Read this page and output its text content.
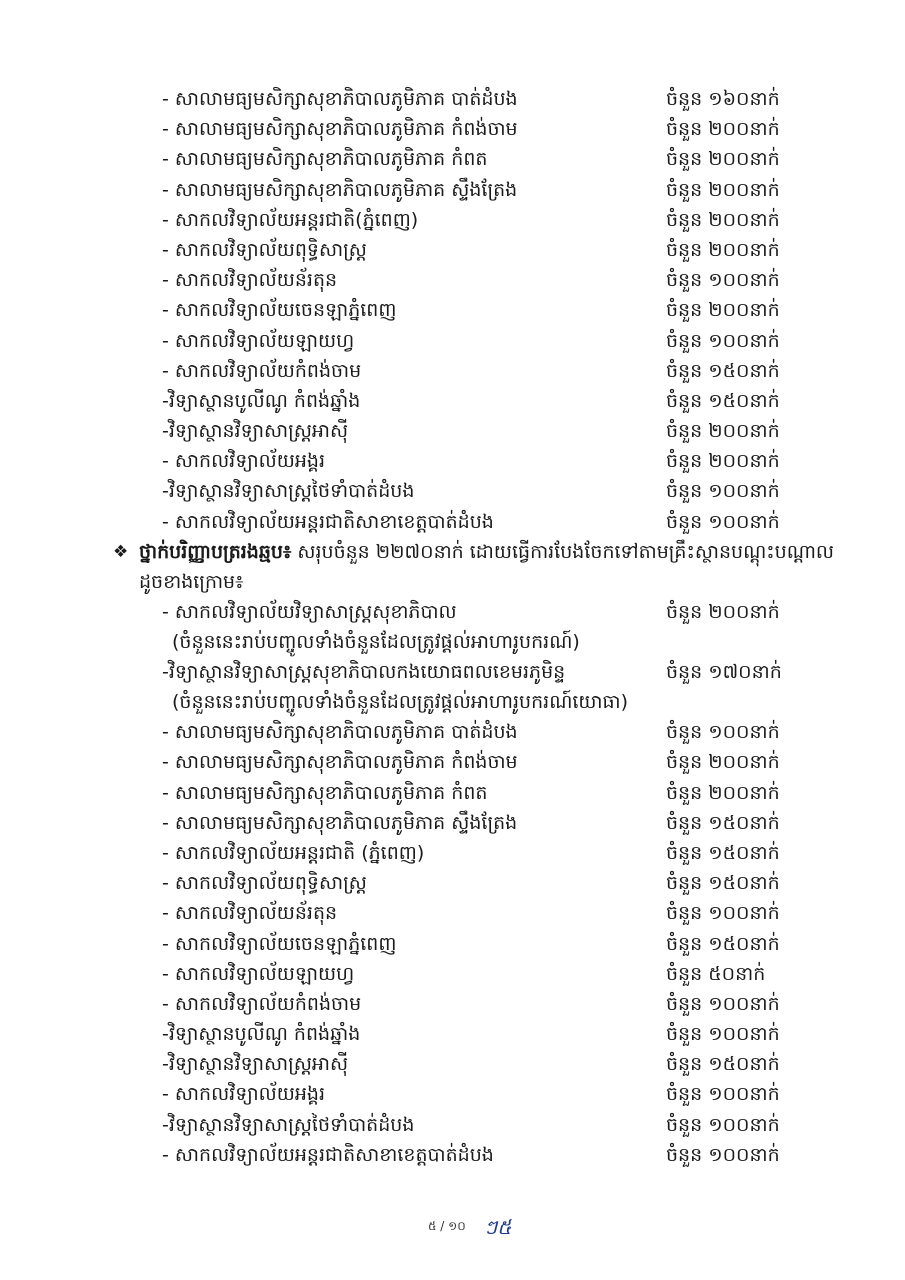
- សាលាមធ្យមសិក្សាសុខាភិបាលភូមិភាគ បាត់ដំបង	ចំនួន ១៦០នាក់
- សាលាមធ្យមសិក្សាសុខាភិបាលភូមិភាគ កំពង់ចាម	ចំនួន ២០០នាក់
- សាលាមធ្យមសិក្សាសុខាភិបាលភូមិភាគ កំពត	ចំនួន ២០០នាក់
- សាលាមធ្យមសិក្សាសុខាភិបាលភូមិភាគ ស្ទឹងត្រែង	ចំនួន ២០០នាក់
- សាកលវិទ្យាល័យអន្តរជាតិ(ភ្នំពេញ)	ចំនួន ២០០នាក់
- សាកលវិទ្យាល័យពុទ្ធិសាស្ត្រ	ចំនួន ២០០នាក់
- សាកលវិទ្យាល័យន័រតុន	ចំនួន ១០០នាក់
- សាកលវិទ្យាល័យចេនឡាភ្នំពេញ	ចំនួន ២០០នាក់
- សាកលវិទ្យាល័យឡាយហ្វ	ចំនួន ១០០នាក់
- សាកលវិទ្យាល័យកំពង់ចាម	ចំនួន ១៥០នាក់
-វិទ្យាស្ថានបូលីណូ កំពង់ឆ្នាំង	ចំនួន ១៥០នាក់
-វិទ្យាស្ថានវិទ្យាសាស្ត្រអាស៊ី	ចំនួន ២០០នាក់
- សាកលវិទ្យាល័យអង្គរ	ចំនួន ២០០នាក់
-វិទ្យាស្ថានវិទ្យាសាស្ត្រថៃទាំបាត់ដំបង	ចំនួន ១០០នាក់
- សាកលវិទ្យាល័យអន្តរជាតិសាខាខេត្តបាត់ដំបង	ចំនួន ១០០នាក់
❖ ថ្នាក់បរិញ្ញាបត្ររងឆ្មប៖ សរុបចំនួន ២២៧០នាក់ ដោយធ្វើការបែងចែកទៅតាមគ្រឹះស្ថានបណ្តុះបណ្តាល
ដូចខាងក្រោម៖
- សាកលវិទ្យាល័យវិទ្យាសាស្ត្រសុខាភិបាល	ចំនួន ២០០នាក់
(ចំនួននេះរាប់បញ្ចូលទាំងចំនួនដែលត្រូវផ្តល់អាហារូបករណ៍)
-វិទ្យាស្ថានវិទ្យាសាស្ត្រសុខាភិបាលកងយោធពលខេមរភូមិន្ទ	ចំនួន ១៧០នាក់
(ចំនួននេះរាប់បញ្ចូលទាំងចំនួនដែលត្រូវផ្តល់អាហារូបករណ៍យោធា)
- សាលាមធ្យមសិក្សាសុខាភិបាលភូមិភាគ បាត់ដំបង	ចំនួន ១០០នាក់
- សាលាមធ្យមសិក្សាសុខាភិបាលភូមិភាគ កំពង់ចាម	ចំនួន ២០០នាក់
- សាលាមធ្យមសិក្សាសុខាភិបាលភូមិភាគ កំពត	ចំនួន ២០០នាក់
- សាលាមធ្យមសិក្សាសុខាភិបាលភូមិភាគ ស្ទឹងត្រែង	ចំនួន ១៥០នាក់
- សាកលវិទ្យាល័យអន្តរជាតិ (ភ្នំពេញ)	ចំនួន ១៥០នាក់
- សាកលវិទ្យាល័យពុទ្ធិសាស្ត្រ	ចំនួន ១៥០នាក់
- សាកលវិទ្យាល័យន័រតុន	ចំនួន ១០០នាក់
- សាកលវិទ្យាល័យចេនឡាភ្នំពេញ	ចំនួន ១៥០នាក់
- សាកលវិទ្យាល័យឡាយហ្វ	ចំនួន ៥០នាក់
- សាកលវិទ្យាល័យកំពង់ចាម	ចំនួន ១០០នាក់
-វិទ្យាស្ថានបូលីណូ កំពង់ឆ្នាំង	ចំនួន ១០០នាក់
-វិទ្យាស្ថានវិទ្យាសាស្ត្រអាស៊ី	ចំនួន ១៥០នាក់
- សាកលវិទ្យាល័យអង្គរ	ចំនួន ១០០នាក់
-វិទ្យាស្ថានវិទ្យាសាស្ត្រថៃទាំបាត់ដំបង	ចំនួន ១០០នាក់
- សាកលវិទ្យាល័យអន្តរជាតិសាខាខេត្តបាត់ដំបង	ចំនួន ១០០នាក់
៥ / ១០ ៗ៥
